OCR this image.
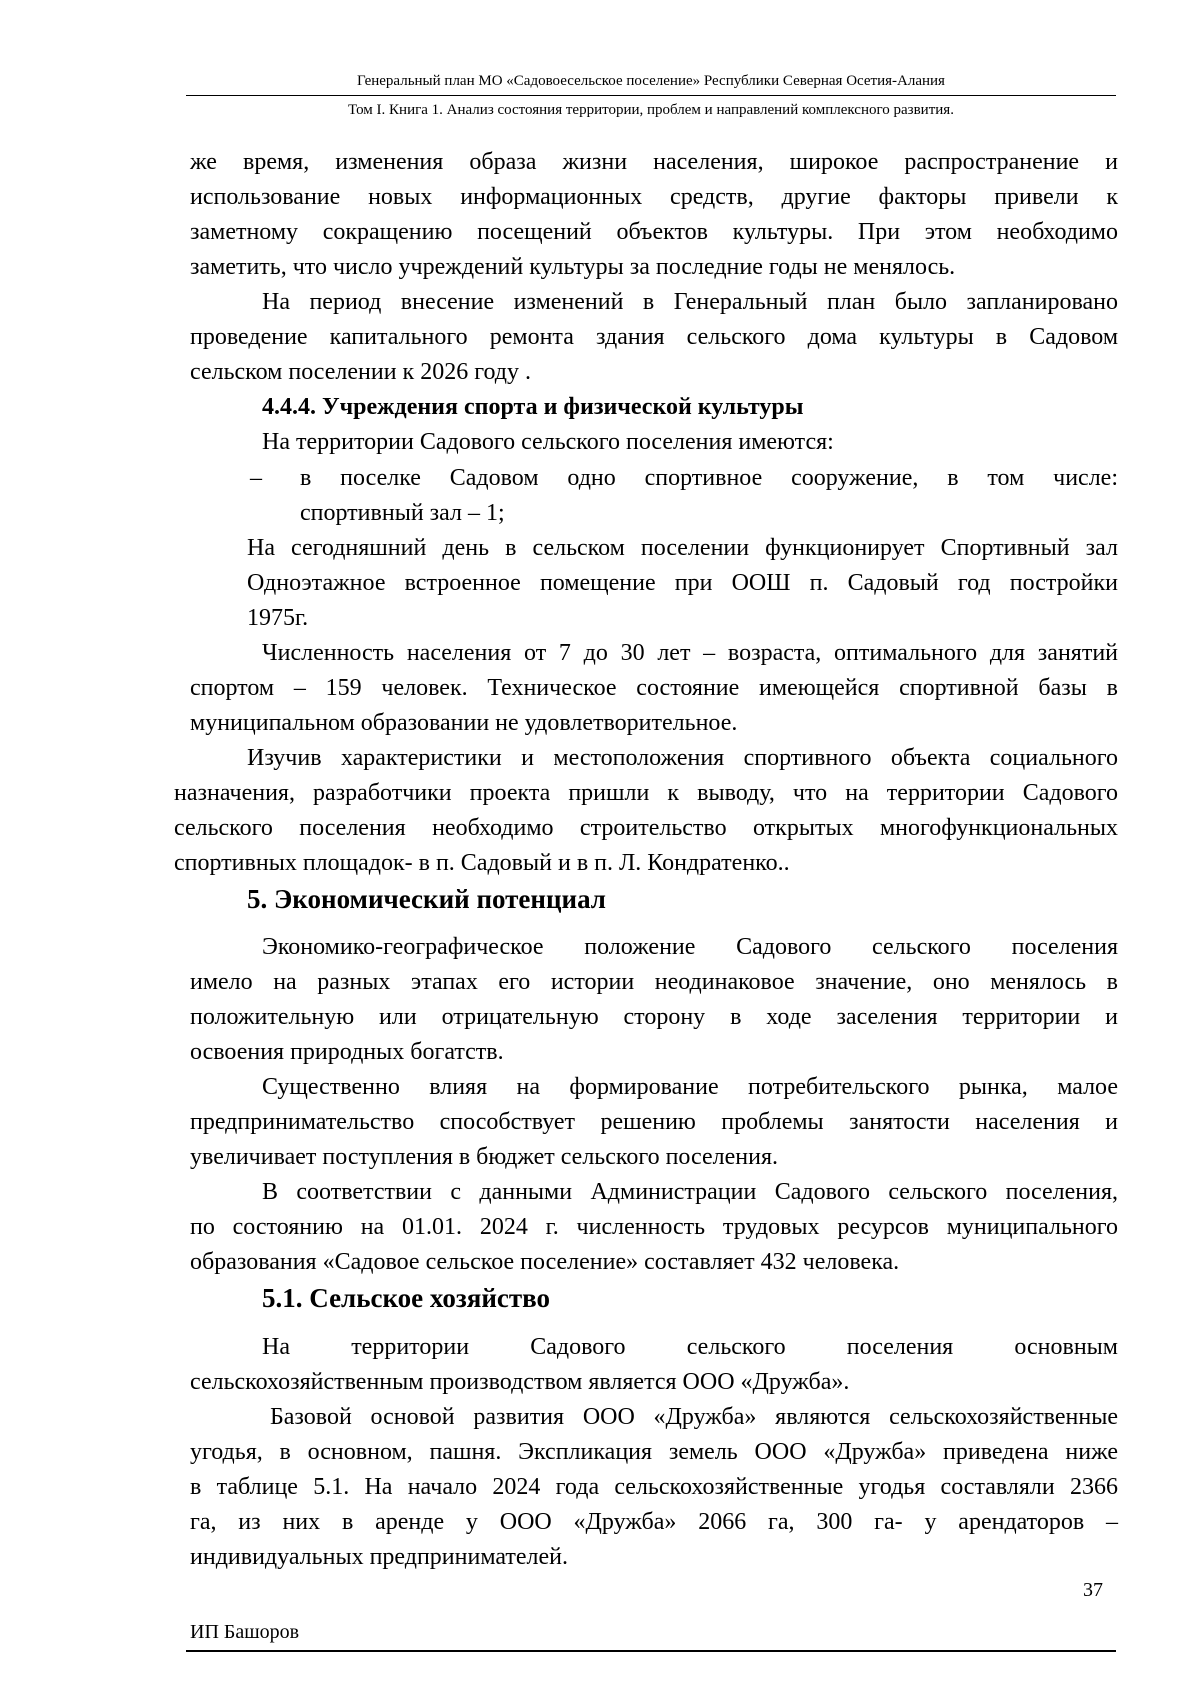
Генеральный план МО «Садовоесельское поселение» Республики Северная Осетия-Алания
Том I. Книга 1. Анализ состояния территории, проблем и направлений комплексного развития.
же время, изменения образа жизни населения, широкое распространение и
использование новых информационных средств, другие факторы привели к
заметному сокращению посещений объектов культуры. При этом необходимо
заметить, что число учреждений культуры за последние годы не менялось.
На период внесение изменений в Генеральный план было запланировано
проведение капитального ремонта здания сельского дома культуры в Садовом
сельском поселении к 2026 году .
4.4.4. Учреждения спорта и физической культуры
На территории Садового сельского поселения имеются:
– в поселке Садовом одно спортивное сооружение, в том числе:
спортивный зал – 1;
На сегодняшний день в сельском поселении функционирует Спортивный зал
Одноэтажное встроенное помещение при ООШ п. Садовый год постройки
1975г.
Численность населения от 7 до 30 лет – возраста, оптимального для занятий
спортом – 159 человек. Техническое состояние имеющейся спортивной базы в
муниципальном образовании не удовлетворительное.
Изучив характеристики и местоположения спортивного объекта социального
назначения, разработчики проекта пришли к выводу, что на территории Садового
сельского поселения необходимо строительство открытых многофункциональных
спортивных площадок- в п. Садовый и в п. Л. Кондратенко..
5. Экономический потенциал
Экономико-географическое положение Садового сельского поселения
имело на разных этапах его истории неодинаковое значение, оно менялось в
положительную или отрицательную сторону в ходе заселения территории и
освоения природных богатств.
Существенно влияя на формирование потребительского рынка, малое
предпринимательство способствует решению проблемы занятости населения и
увеличивает поступления в бюджет сельского поселения.
В соответствии с данными Администрации Садового сельского поселения,
по состоянию на 01.01. 2024 г. численность трудовых ресурсов муниципального
образования «Садовое сельское поселение» составляет 432 человека.
5.1. Сельское хозяйство
На территории Садового сельского поселения основным
сельскохозяйственным производством является ООО «Дружба».
Базовой основой развития ООО «Дружба» являются сельскохозяйственные
угодья, в основном, пашня. Экспликация земель ООО «Дружба» приведена ниже
в таблице 5.1. На начало 2024 года сельскохозяйственные угодья составляли 2366
га, из них в аренде у ООО «Дружба» 2066 га, 300 га- у арендаторов –
индивидуальных предпринимателей.
37
ИП Башоров
